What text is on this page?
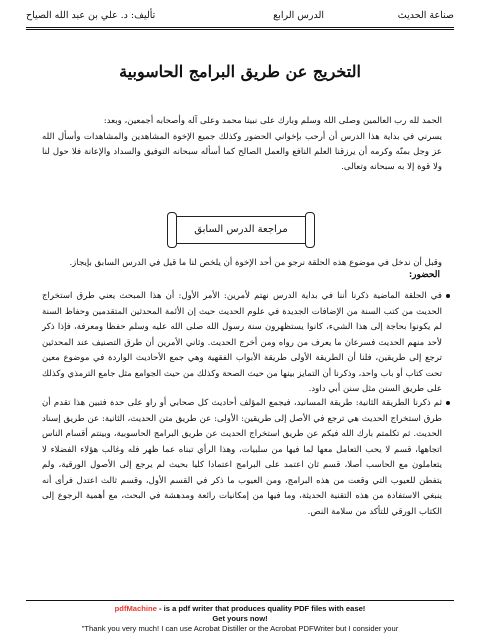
صناعة الحديث
الدرس الرابع
تأليف: د. علي بن عبد الله الصياح
التخريج عن طريق البرامج الحاسوبية
الحمد لله رب العالمين وصلى الله وسلم وبارك على نبينا محمد وعلى آله وأصحابه أجمعين، وبعد:
يسرني في بداية هذا الدرس أن أرحب بإخواني الحضور وكذلك جميع الإخوة المشاهدين والمشاهدات وأسأل الله عز وجل بمنّه وكرمه أن يرزقنا العلم النافع والعمل الصالح كما أسأله سبحانه التوفيق والسداد والإعانة فلا حول لنا ولا قوة إلا به سبحانه وتعالى.
مراجعة الدرس السابق
وقبل أن ندخل في موضوع هذه الحلقة نرجو من أحد الإخوة أن يلخص لنا ما قيل في الدرس السابق بإيجاز.
الحضور:
في الحلقة الماضية ذكرنا أننا في بداية الدرس نهتم لأمرين: الأمر الأول: أن هذا المبحث يعني طرق استخراج الحديث من كتب السنة من الإضافات الجديدة في علوم الحديث حيث إن الأئمة المحدثين المتقدمين وحفاظ السنة لم يكونوا بحاجة إلى هذا الشيء، كانوا يستظهرون سنة رسول الله صلى الله عليه وسلم حفظا ومعرفة، فإذا ذكر لأحد منهم الحديث فسرعان ما يعرف من رواه ومن أخرج الحديث. وثاني الأمرين أن طرق التصنيف عند المحدثين ترجع إلى طريقين، فلنا أن الطريقة الأولى طريقة الأبواب الفقهية وهي جمع الأحاديث الواردة في موضوع معين تحت كتاب أو باب واحد، وذكرنا أن التمايز بينها من حيث الصحة وكذلك من حيث الجوامع مثل جامع الترمذي وكذلك على طريق السنن مثل سنن أبي داود.
ثم ذكرنا الطريقة الثانية: طريقة المسانيد، فيجمع المؤلف أحاديث كل صحابي أو راو على حدة فتبين هذا تقدم أن طرق استخراج الحديث هي ترجع في الأصل إلى طريقين: الأولى: عن طريق متن الحديث، الثانية: عن طريق إسناد الحديث. ثم تكلمتم بارك الله فيكم عن طريق استخراج الحديث عن طريق البرامج الحاسوبية، وبينتم أقسام الناس اتجاهها، قسم لا يحب التعامل معها لما فيها من سلبيات، وهذا الرأي تبناه عما ظهر فله وغالب هؤلاء الفضلاء لا يتعاملون مع الحاسب أصلا، قسم ثان اعتمد على البرامج اعتمادا كليا بحيث لم يرجع إلى الأصول الورقية، ولم يتفطن للعيوب التي وقعت من هذه البرامج، ومن العيوب ما ذكر في القسم الأول، وقسم ثالث اعتدل فرأى أنه ينبغي الاستفادة من هذه التقنية الحديثة، وما فيها من إمكانيات رائعة ومدهشة في البحث، مع أهمية الرجوع إلى الكتاب الورقي للتأكد من سلامة النص.
pdfMachine - is a pdf writer that produces quality PDF files with ease!
Get yours now!
"Thank you very much! I can use Acrobat Distiller or the Acrobat PDFWriter but I consider your
